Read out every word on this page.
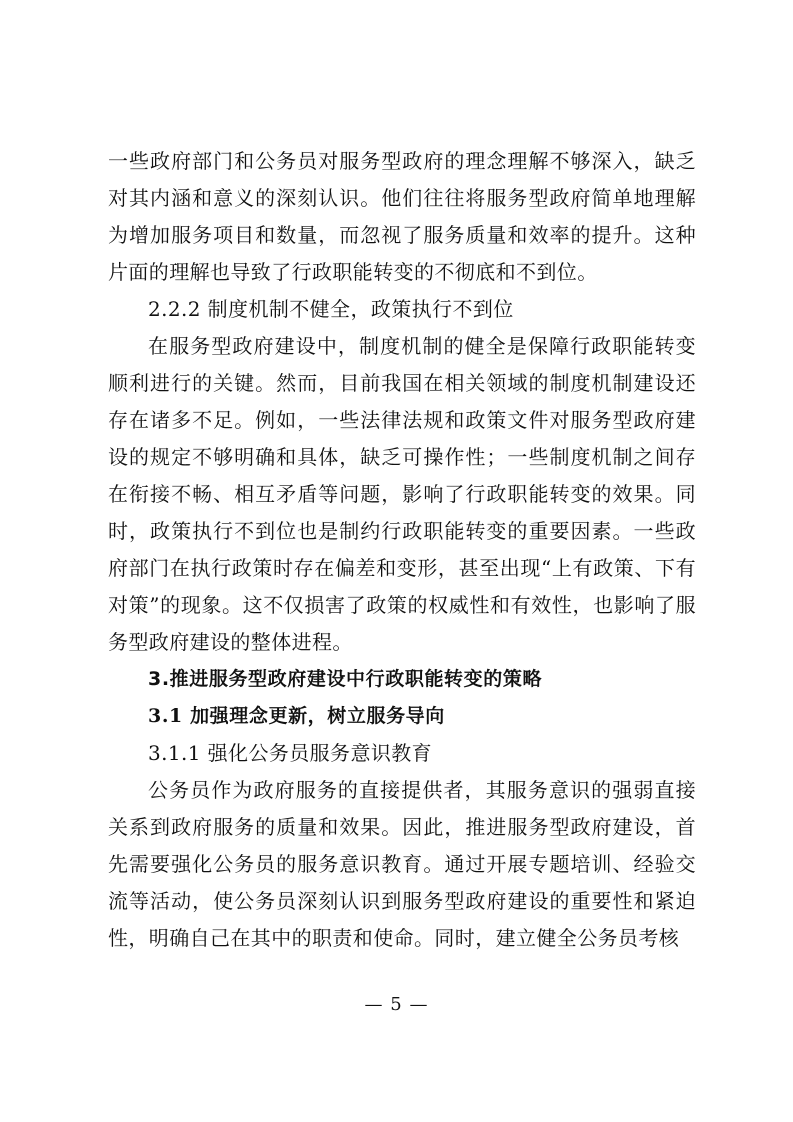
一些政府部门和公务员对服务型政府的理念理解不够深入，缺乏对其内涵和意义的深刻认识。他们往往将服务型政府简单地理解为增加服务项目和数量，而忽视了服务质量和效率的提升。这种片面的理解也导致了行政职能转变的不彻底和不到位。

2.2.2 制度机制不健全，政策执行不到位

在服务型政府建设中，制度机制的健全是保障行政职能转变顺利进行的关键。然而，目前我国在相关领域的制度机制建设还存在诸多不足。例如，一些法律法规和政策文件对服务型政府建设的规定不够明确和具体，缺乏可操作性；一些制度机制之间存在衔接不畅、相互矛盾等问题，影响了行政职能转变的效果。同时，政策执行不到位也是制约行政职能转变的重要因素。一些政府部门在执行政策时存在偏差和变形，甚至出现“上有政策、下有对策”的现象。这不仅损害了政策的权威性和有效性，也影响了服务型政府建设的整体进程。

3.推进服务型政府建设中行政职能转变的策略

3.1 加强理念更新，树立服务导向

3.1.1 强化公务员服务意识教育

公务员作为政府服务的直接提供者，其服务意识的强弱直接关系到政府服务的质量和效果。因此，推进服务型政府建设，首先需要强化公务员的服务意识教育。通过开展专题培训、经验交流等活动，使公务员深刻认识到服务型政府建设的重要性和紧迫性，明确自己在其中的职责和使命。同时，建立健全公务员考核

— 5 —
